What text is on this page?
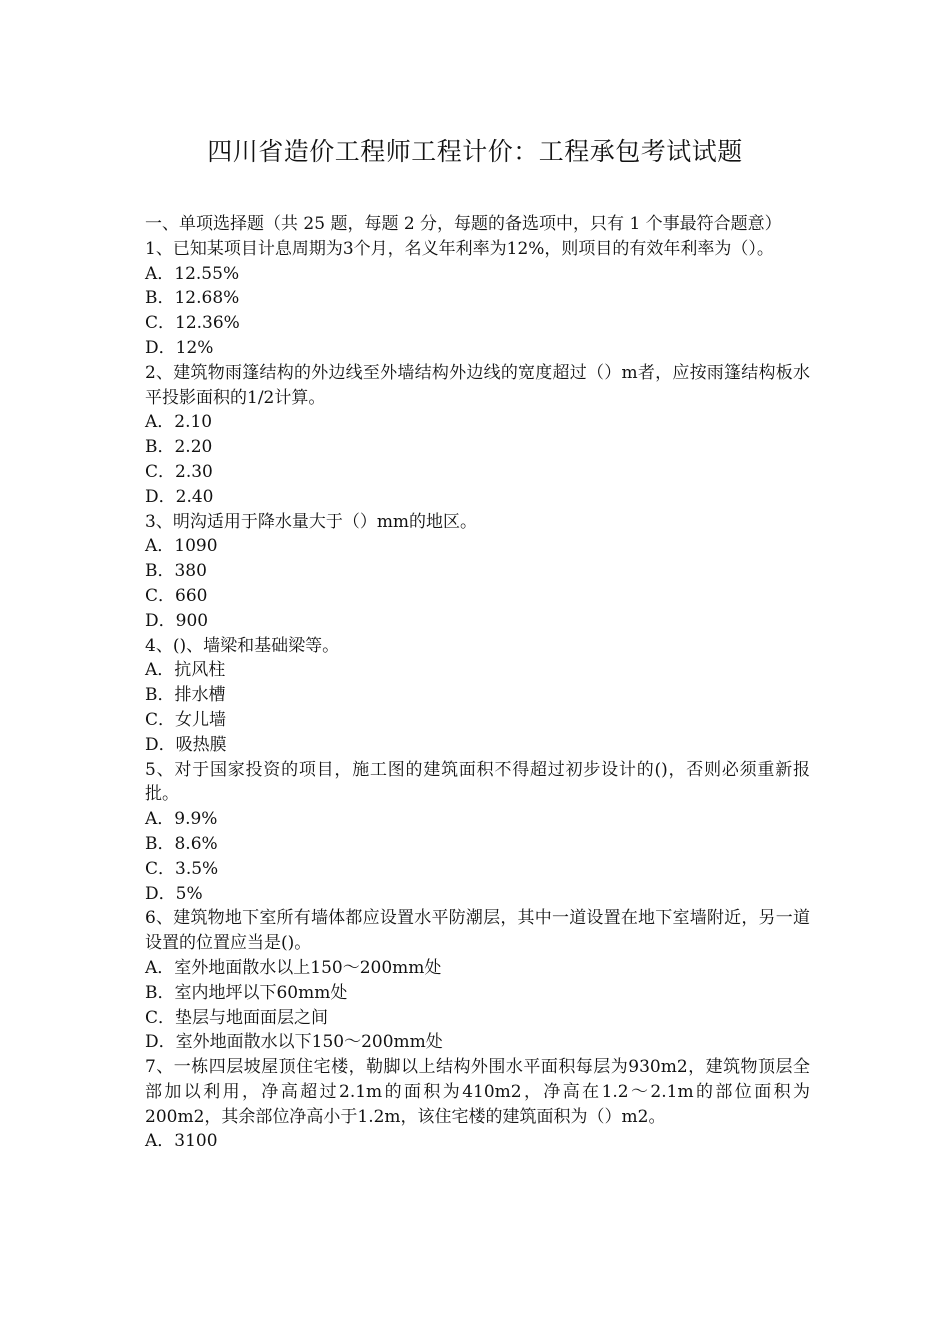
四川省造价工程师工程计价：工程承包考试试题

一、单项选择题（共 25 题，每题 2 分，每题的备选项中，只有 1 个事最符合题意）

1、已知某项目计息周期为3个月，名义年利率为12%，则项目的有效年利率为（）。

A．12.55%

B．12.68%

C．12.36%

D．12%

2、建筑物雨篷结构的外边线至外墙结构外边线的宽度超过（）m者，应按雨篷结构板水平投影面积的1/2计算。

A．2.10

B．2.20

C．2.30

D．2.40

3、明沟适用于降水量大于（）mm的地区。

A．1090

B．380

C．660

D．900

4、()、墙梁和基础梁等。

A．抗风柱

B．排水槽

C．女儿墙

D．吸热膜

5、对于国家投资的项目，施工图的建筑面积不得超过初步设计的()，否则必须重新报批。

A．9.9%

B．8.6%

C．3.5%

D．5%

6、建筑物地下室所有墙体都应设置水平防潮层，其中一道设置在地下室墙附近，另一道设置的位置应当是()。

A．室外地面散水以上150～200mm处

B．室内地坪以下60mm处

C．垫层与地面面层之间

D．室外地面散水以下150～200mm处

7、一栋四层坡屋顶住宅楼，勒脚以上结构外围水平面积每层为930m2，建筑物顶层全部加以利用，净高超过2.1m的面积为410m2，净高在1.2～2.1m的部位面积为200m2，其余部位净高小于1.2m，该住宅楼的建筑面积为（）m2。

A．3100
